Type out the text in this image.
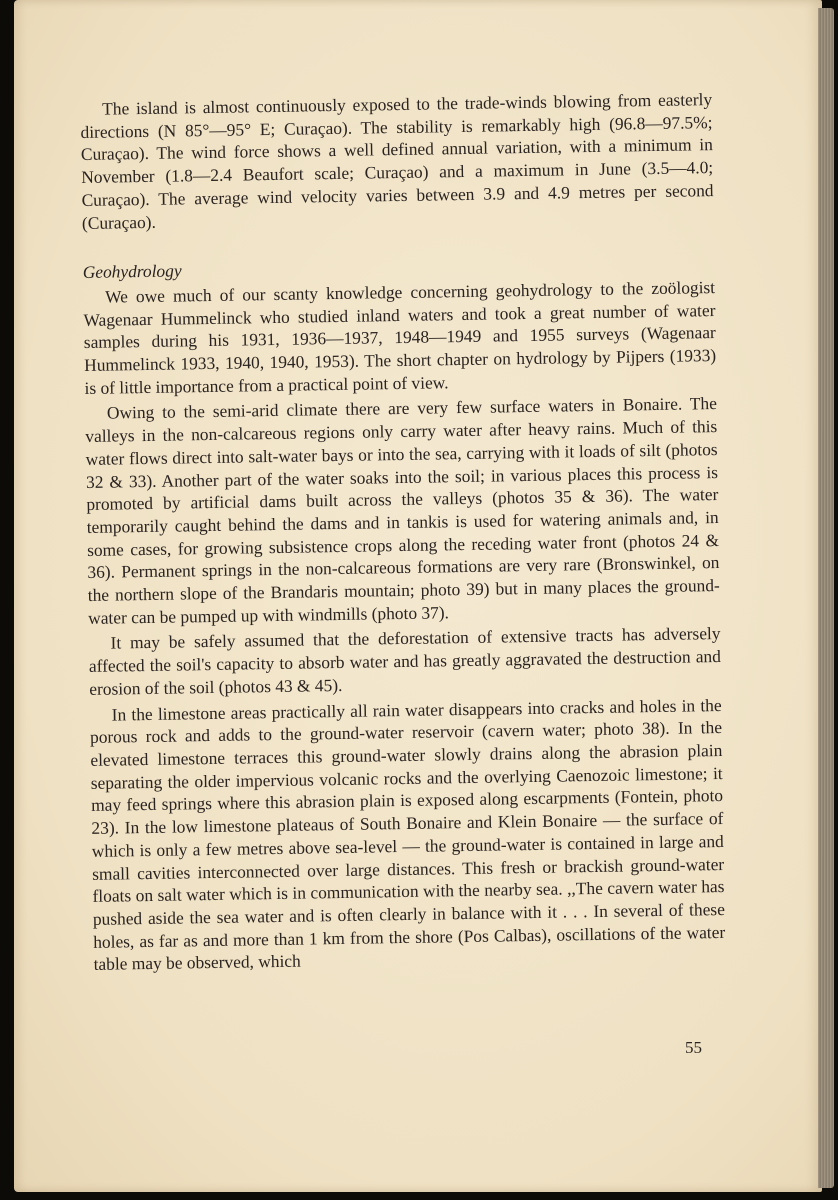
The island is almost continuously exposed to the trade-winds blowing from easterly directions (N 85°—95° E; Curaçao). The stability is remarkably high (96.8—97.5%; Curaçao). The wind force shows a well defined annual variation, with a minimum in November (1.8—2.4 Beaufort scale; Curaçao) and a maximum in June (3.5—4.0; Curaçao). The average wind velocity varies between 3.9 and 4.9 metres per second (Curaçao).

Geohydrology

We owe much of our scanty knowledge concerning geohydrology to the zoölogist Wagenaar Hummelinck who studied inland waters and took a great number of water samples during his 1931, 1936—1937, 1948—1949 and 1955 surveys (Wagenaar Hummelinck 1933, 1940, 1940, 1953). The short chapter on hydrology by Pijpers (1933) is of little importance from a practical point of view.

Owing to the semi-arid climate there are very few surface waters in Bonaire. The valleys in the non-calcareous regions only carry water after heavy rains. Much of this water flows direct into salt-water bays or into the sea, carrying with it loads of silt (photos 32 & 33). Another part of the water soaks into the soil; in various places this process is promoted by artificial dams built across the valleys (photos 35 & 36). The water temporarily caught behind the dams and in tankis is used for watering animals and, in some cases, for growing subsistence crops along the receding water front (photos 24 & 36). Permanent springs in the non-calcareous formations are very rare (Bronswinkel, on the northern slope of the Brandaris mountain; photo 39) but in many places the ground-water can be pumped up with windmills (photo 37).

It may be safely assumed that the deforestation of extensive tracts has adversely affected the soil's capacity to absorb water and has greatly aggravated the destruction and erosion of the soil (photos 43 & 45).

In the limestone areas practically all rain water disappears into cracks and holes in the porous rock and adds to the ground-water reservoir (cavern water; photo 38). In the elevated limestone terraces this ground-water slowly drains along the abrasion plain separating the older impervious volcanic rocks and the overlying Caenozoic limestone; it may feed springs where this abrasion plain is exposed along escarpments (Fontein, photo 23). In the low limestone plateaus of South Bonaire and Klein Bonaire — the surface of which is only a few metres above sea-level — the ground-water is contained in large and small cavities interconnected over large distances. This fresh or brackish ground-water floats on salt water which is in communication with the nearby sea. ,,The cavern water has pushed aside the sea water and is often clearly in balance with it . . . In several of these holes, as far as and more than 1 km from the shore (Pos Calbas), oscillations of the water table may be observed, which

55
